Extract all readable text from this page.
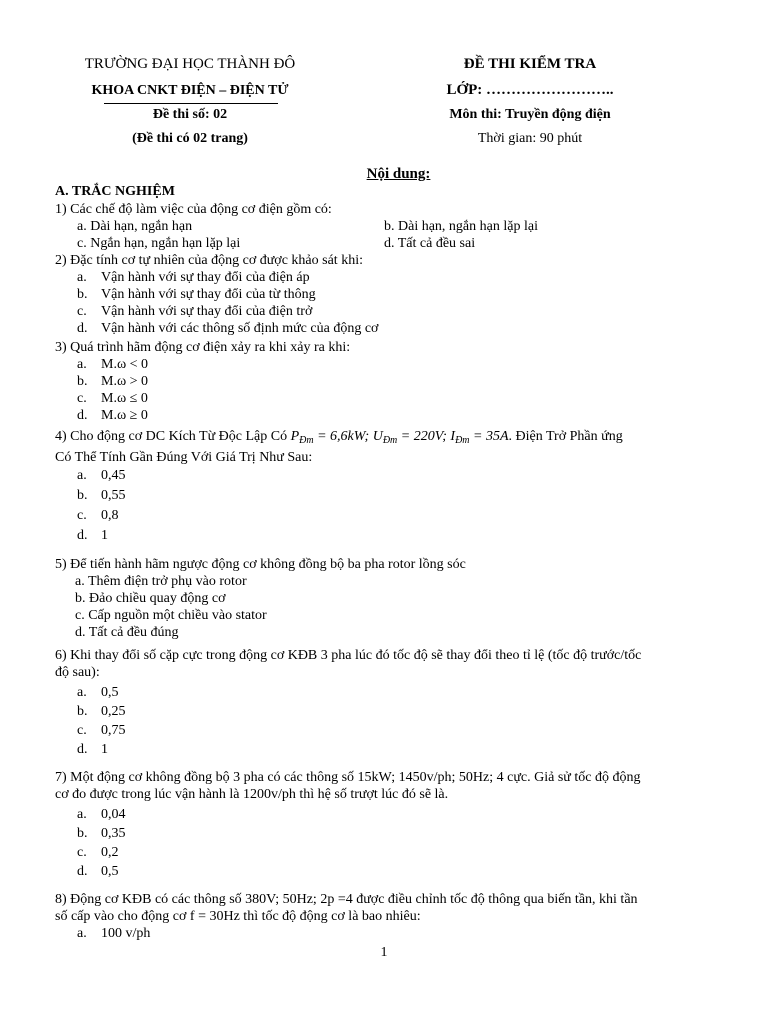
TRƯỜNG ĐẠI HỌC THÀNH ĐÔ
KHOA CNKT ĐIỆN – ĐIỆN TỬ
Đề thi số: 02
(Đề thi có 02 trang)
ĐỀ THI KIỂM TRA
LỚP: ……………………..
Môn thi: Truyền động điện
Thời gian: 90 phút
Nội dung:
A. TRẮC NGHIỆM
1) Các chế độ làm việc của động cơ điện gồm có:
a. Dài hạn, ngắn hạn	b. Dài hạn, ngắn hạn lặp lại
c. Ngắn hạn, ngắn hạn lặp lại	d. Tất cả đều sai
2) Đặc tính cơ tự nhiên của động cơ được khảo sát khi:
a.	Vận hành với sự thay đổi của điện áp
b. Vận hành với sự thay đổi của từ thông
c.	Vận hành với sự thay đổi của điện trở
d. Vận hành với các thông số định mức của động cơ
3) Quá trình hãm động cơ điện xảy ra khi xảy ra khi:
a.	M.ω < 0
b. M.ω > 0
c.	M.ω ≤ 0
d. M.ω ≥ 0
4) Cho động cơ DC Kích Từ Độc Lập Có $P_{Đm} = 6,6kW$; $U_{Đm} = 220V$; $I_{Đm} = 35A$. Điện Trở Phần ứng
Có Thể Tính Gần Đúng Với Giá Trị Như Sau:
a.	0,45
b. 0,55
c.	0,8
d. 1
5) Để tiến hành hãm ngược động cơ không đồng bộ ba pha rotor lồng sóc
a. Thêm điện trở phụ vào rotor
b. Đảo chiều quay động cơ
c. Cấp nguồn một chiều vào stator
d. Tất cả đều đúng
6) Khi thay đổi số cặp cực trong động cơ KĐB 3 pha lúc đó tốc độ sẽ thay đổi theo tỉ lệ (tốc độ trước/tốc
độ sau):
a.	0,5
b. 0,25
c.	0,75
d. 1
7) Một động cơ không đồng bộ 3 pha có các thông số 15kW; 1450v/ph; 50Hz; 4 cực. Giả sử tốc độ động
cơ đo được trong lúc vận hành là 1200v/ph thì hệ số trượt lúc đó sẽ là.
a.	0,04
b. 0,35
c.	0,2
d. 0,5
8) Động cơ KĐB có các thông số 380V; 50Hz; 2p =4 được điều chỉnh tốc độ thông qua biến tần, khi tần
số cấp vào cho động cơ f = 30Hz thì tốc độ động cơ là bao nhiêu:
a.	100 v/ph
1
